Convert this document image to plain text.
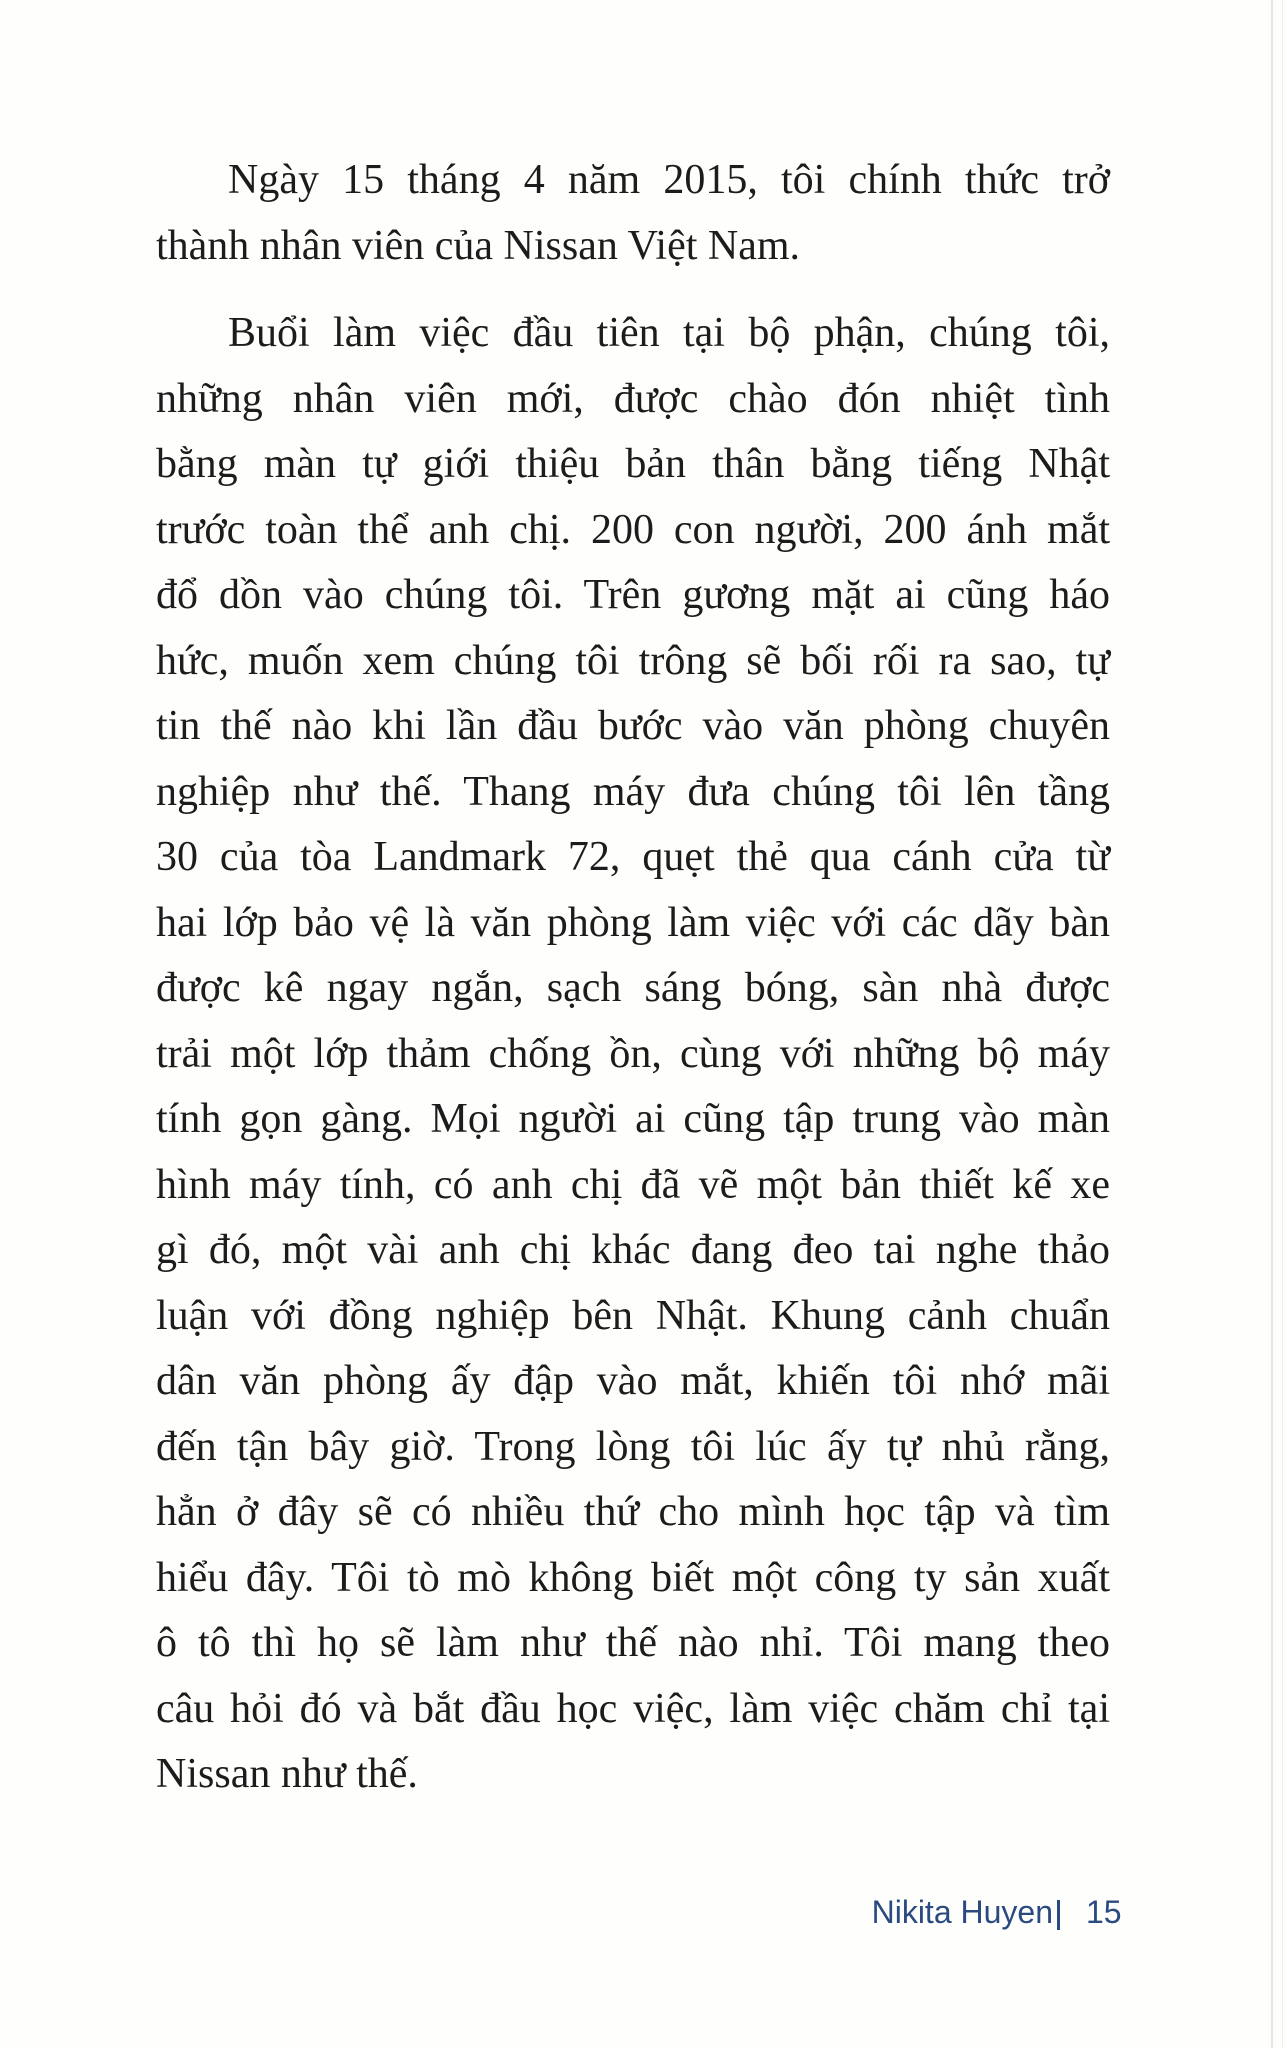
Ngày 15 tháng 4 năm 2015, tôi chính thức trở
thành nhân viên của Nissan Việt Nam.

Buổi làm việc đầu tiên tại bộ phận, chúng tôi,
những nhân viên mới, được chào đón nhiệt tình
bằng màn tự giới thiệu bản thân bằng tiếng Nhật
trước toàn thể anh chị. 200 con người, 200 ánh mắt
đổ dồn vào chúng tôi. Trên gương mặt ai cũng háo
hức, muốn xem chúng tôi trông sẽ bối rối ra sao, tự
tin thế nào khi lần đầu bước vào văn phòng chuyên
nghiệp như thế. Thang máy đưa chúng tôi lên tầng
30 của tòa Landmark 72, quẹt thẻ qua cánh cửa từ
hai lớp bảo vệ là văn phòng làm việc với các dãy bàn
được kê ngay ngắn, sạch sáng bóng, sàn nhà được
trải một lớp thảm chống ồn, cùng với những bộ máy
tính gọn gàng. Mọi người ai cũng tập trung vào màn
hình máy tính, có anh chị đã vẽ một bản thiết kế xe
gì đó, một vài anh chị khác đang đeo tai nghe thảo
luận với đồng nghiệp bên Nhật. Khung cảnh chuẩn
dân văn phòng ấy đập vào mắt, khiến tôi nhớ mãi
đến tận bây giờ. Trong lòng tôi lúc ấy tự nhủ rằng,
hẳn ở đây sẽ có nhiều thứ cho mình học tập và tìm
hiểu đây. Tôi tò mò không biết một công ty sản xuất
ô tô thì họ sẽ làm như thế nào nhỉ. Tôi mang theo
câu hỏi đó và bắt đầu học việc, làm việc chăm chỉ tại
Nissan như thế.

Nikita Huyen 15
